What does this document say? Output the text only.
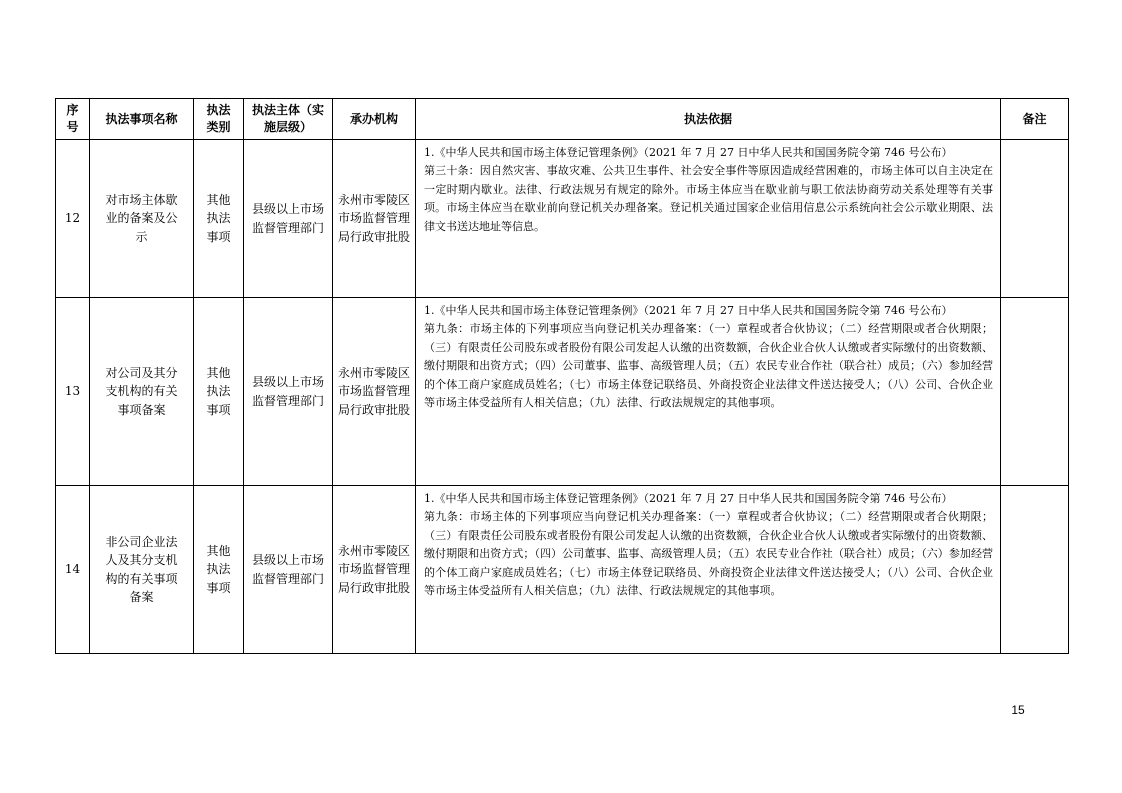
序号	执法事项名称	执法类别	执法主体（实施层级）	承办机构	执法依据	备注
12	对市场主体歇业的备案及公示	其他执法事项	县级以上市场监督管理部门	永州市零陵区市场监督管理局行政审批股	1.《中华人民共和国市场主体登记管理条例》（2021 年 7 月 27 日中华人民共和国国务院令第 746 号公布）

第三十条：因自然灾害、事故灾难、公共卫生事件、社会安全事件等原因造成经营困难的，市场主体可以自主决定在一定时期内歇业。法律、行政法规另有规定的除外。市场主体应当在歇业前与职工依法协商劳动关系处理等有关事项。市场主体应当在歇业前向登记机关办理备案。登记机关通过国家企业信用信息公示系统向社会公示歇业期限、法律文书送达地址等信息。	

13	对公司及其分支机构的有关事项备案	其他执法事项	县级以上市场监督管理部门	永州市零陵区市场监督管理局行政审批股	1.《中华人民共和国市场主体登记管理条例》（2021 年 7 月 27 日中华人民共和国国务院令第 746 号公布）

第九条：市场主体的下列事项应当向登记机关办理备案：（一）章程或者合伙协议；（二）经营期限或者合伙期限；（三）有限责任公司股东或者股份有限公司发起人认缴的出资数额，合伙企业合伙人认缴或者实际缴付的出资数额、缴付期限和出资方式；（四）公司董事、监事、高级管理人员；（五）农民专业合作社（联合社）成员；（六）参加经营的个体工商户家庭成员姓名；（七）市场主体登记联络员、外商投资企业法律文件送达接受人；（八）公司、合伙企业等市场主体受益所有人相关信息；（九）法律、行政法规规定的其他事项。	

14	非公司企业法人及其分支机构的有关事项备案	其他执法事项	县级以上市场监督管理部门	永州市零陵区市场监督管理局行政审批股	1.《中华人民共和国市场主体登记管理条例》（2021 年 7 月 27 日中华人民共和国国务院令第 746 号公布）

第九条：市场主体的下列事项应当向登记机关办理备案：（一）章程或者合伙协议；（二）经营期限或者合伙期限；（三）有限责任公司股东或者股份有限公司发起人认缴的出资数额，合伙企业合伙人认缴或者实际缴付的出资数额、缴付期限和出资方式；（四）公司董事、监事、高级管理人员；（五）农民专业合作社（联合社）成员；（六）参加经营的个体工商户家庭成员姓名；（七）市场主体登记联络员、外商投资企业法律文件送达接受人；（八）公司、合伙企业等市场主体受益所有人相关信息；（九）法律、行政法规规定的其他事项。	

15
